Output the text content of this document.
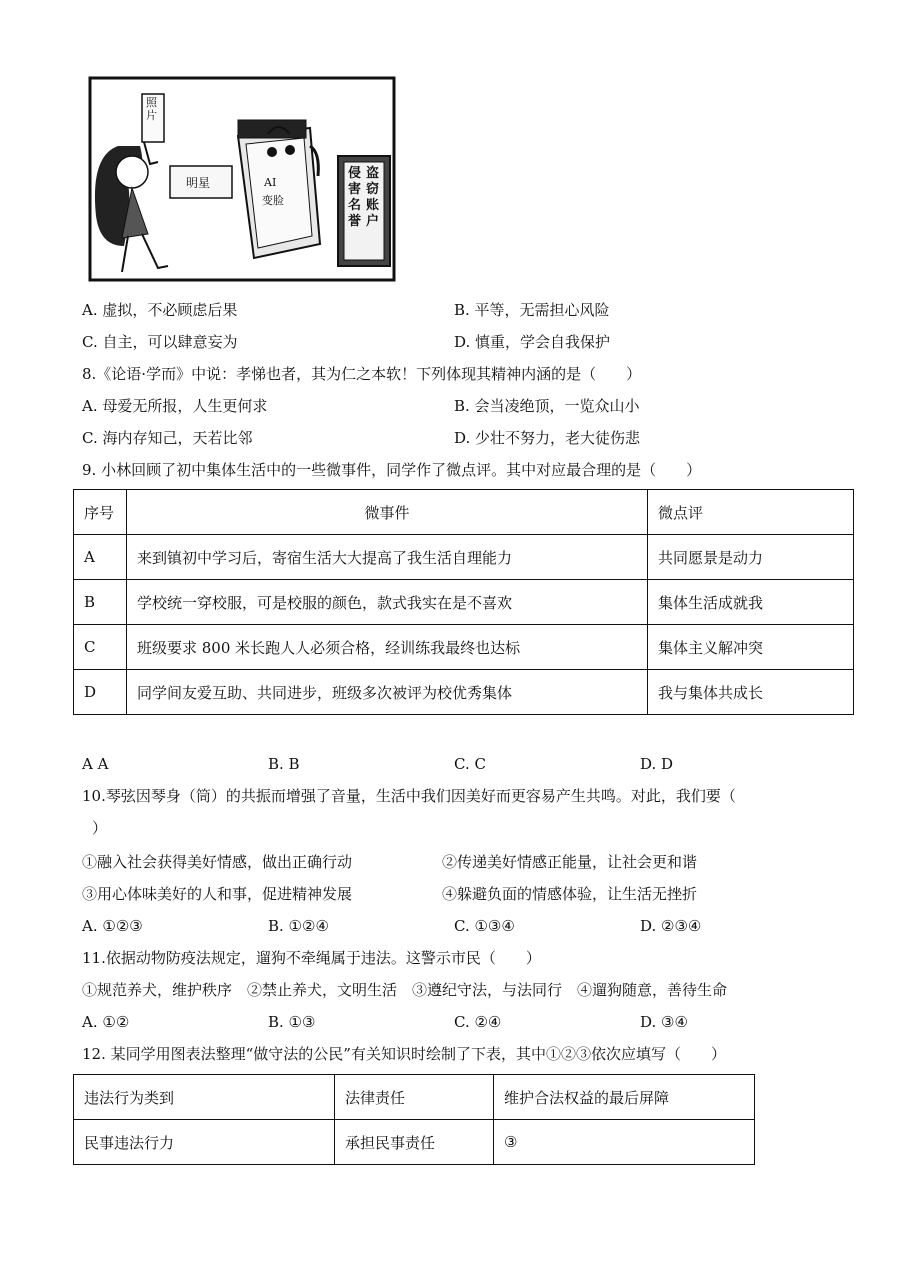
照片
明星	AI
变脸
侵害名誉
盗窃账户
A. 虚拟，不必顾虑后果	B. 平等，无需担心风险
C. 自主，可以肆意妄为	D. 慎重，学会自我保护
8.《论语·学而》中说：孝悌也者，其为仁之本软！下列体现其精神内涵的是（　　）
A. 母爱无所报，人生更何求	B. 会当凌绝顶，一览众山小
C. 海内存知己，天若比邻	D. 少壮不努力，老大徒伤悲
9. 小林回顾了初中集体生活中的一些微事件，同学作了微点评。其中对应最合理的是（　　）
序号	微事件	微点评
A	来到镇初中学习后，寄宿生活大大提高了我生活自理能力	共同愿景是动力
B	学校统一穿校服，可是校服的颜色，款式我实在是不喜欢	集体生活成就我
C	班级要求 800 米长跑人人必须合格，经训练我最终也达标	集体主义解冲突
D	同学间友爱互助、共同进步，班级多次被评为校优秀集体	我与集体共成长
A A	B. B	C. C	D. D
10.琴弦因琴身（筒）的共振而增强了音量，生活中我们因美好而更容易产生共鸣。对此，我们要（
）
①融入社会获得美好情感，做出正确行动	②传递美好情感正能量，让社会更和谐
③用心体味美好的人和事，促进精神发展	④躲避负面的情感体验，让生活无挫折
A. ①②③	B. ①②④	C. ①③④	D. ②③④
11.依据动物防疫法规定，遛狗不牵绳属于违法。这警示市民（　　）
①规范养犬，维护秩序　②禁止养犬，文明生活　③遵纪守法，与法同行　④遛狗随意，善待生命
A. ①②	B. ①③	C. ②④	D. ③④
12. 某同学用图表法整理“做守法的公民”有关知识时绘制了下表，其中①②③依次应填写（　　）
违法行为类到	法律责任	维护合法权益的最后屏障
民事违法行力	承担民事责任	③
